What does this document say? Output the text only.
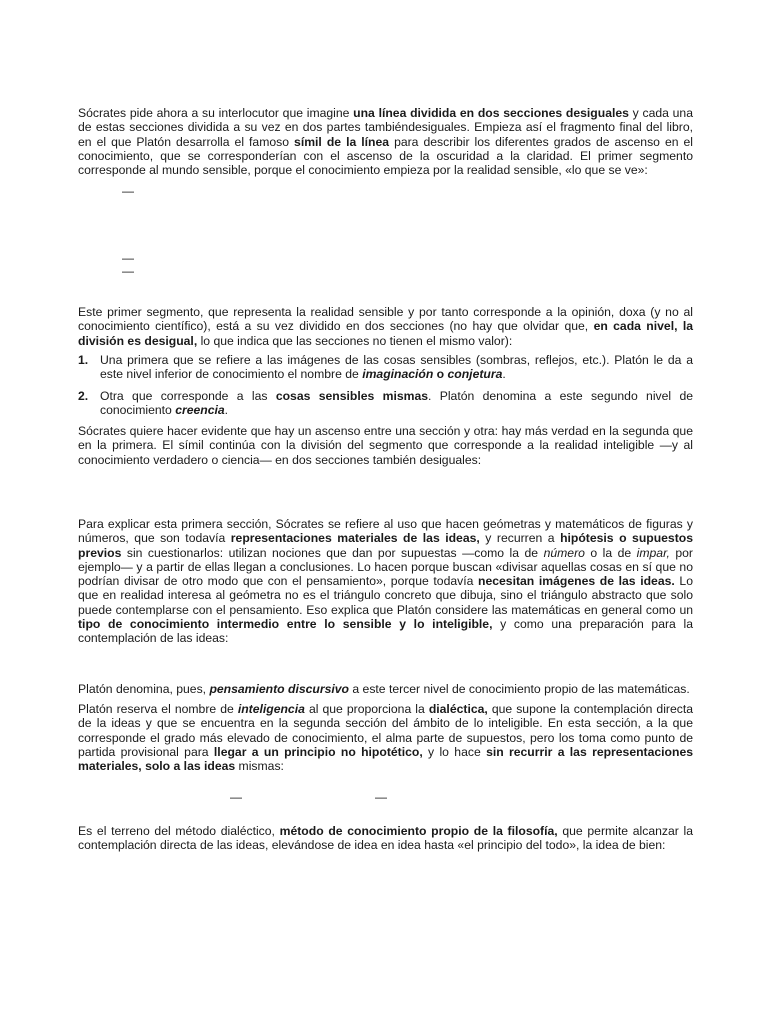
Sócrates pide ahora a su interlocutor que imagine una línea dividida en dos secciones desiguales y cada una de estas secciones dividida a su vez en dos partes tambiéndesiguales. Empieza así el fragmento final del libro, en el que Platón desarrolla el famoso símil de la línea para describir los diferentes grados de ascenso en el conocimiento, que se corresponderían con el ascenso de la oscuridad a la claridad. El primer segmento corresponde al mundo sensible, porque el conocimiento empieza por la realidad sensible, «lo que se ve»:

—
—
—

Este primer segmento, que representa la realidad sensible y por tanto corresponde a la opinión, doxa (y no al conocimiento científico), está a su vez dividido en dos secciones (no hay que olvidar que, en cada nivel, la división es desigual, lo que indica que las secciones no tienen el mismo valor):

1. Una primera que se refiere a las imágenes de las cosas sensibles (sombras, reflejos, etc.). Platón le da a este nivel inferior de conocimiento el nombre de imaginación o conjetura.
2. Otra que corresponde a las cosas sensibles mismas. Platón denomina a este segundo nivel de conocimiento creencia.

Sócrates quiere hacer evidente que hay un ascenso entre una sección y otra: hay más verdad en la segunda que en la primera. El símil continúa con la división del segmento que corresponde a la realidad inteligible —y al conocimiento verdadero o ciencia— en dos secciones también desiguales:

Para explicar esta primera sección, Sócrates se refiere al uso que hacen geómetras y matemáticos de figuras y números, que son todavía representaciones materiales de las ideas, y recurren a hipótesis o supuestos previos sin cuestionarlos: utilizan nociones que dan por supuestas —como la de número o la de impar, por ejemplo— y a partir de ellas llegan a conclusiones. Lo hacen porque buscan «divisar aquellas cosas en sí que no podrían divisar de otro modo que con el pensamiento», porque todavía necesitan imágenes de las ideas. Lo que en realidad interesa al geómetra no es el triángulo concreto que dibuja, sino el triángulo abstracto que solo puede contemplarse con el pensamiento. Eso explica que Platón considere las matemáticas en general como un tipo de conocimiento intermedio entre lo sensible y lo inteligible, y como una preparación para la contemplación de las ideas:

Platón denomina, pues, pensamiento discursivo a este tercer nivel de conocimiento propio de las matemáticas.

Platón reserva el nombre de inteligencia al que proporciona la dialéctica, que supone la contemplación directa de la ideas y que se encuentra en la segunda sección del ámbito de lo inteligible. En esta sección, a la que corresponde el grado más elevado de conocimiento, el alma parte de supuestos, pero los toma como punto de partida provisional para llegar a un principio no hipotético, y lo hace sin recurrir a las representaciones materiales, solo a las ideas mismas:

—	—

Es el terreno del método dialéctico, método de conocimiento propio de la filosofía, que permite alcanzar la contemplación directa de las ideas, elevándose de idea en idea hasta «el principio del todo», la idea de bien:
